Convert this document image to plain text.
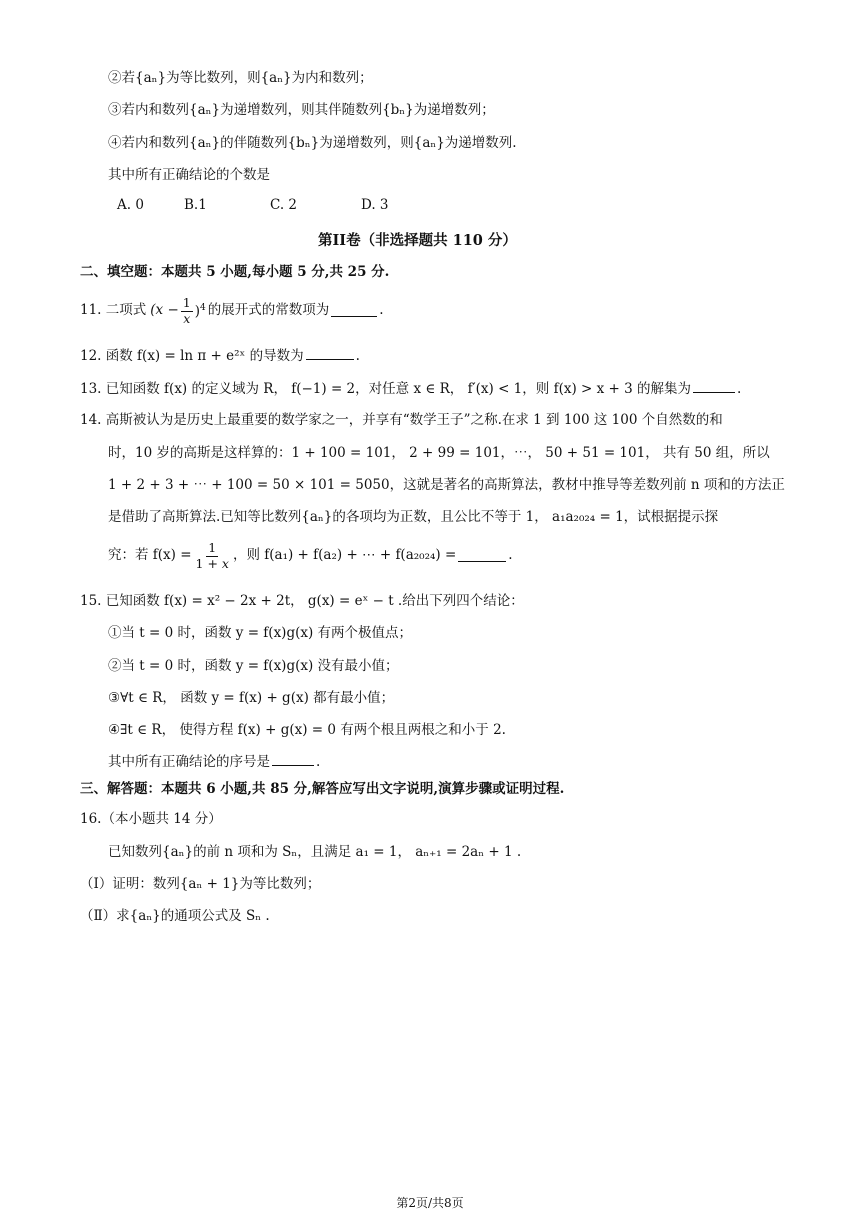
②若{aₙ}为等比数列，则{aₙ}为内和数列；
③若内和数列{aₙ}为递增数列，则其伴随数列{bₙ}为递增数列；
④若内和数列{aₙ}的伴随数列{bₙ}为递增数列，则{aₙ}为递增数列.
其中所有正确结论的个数是
A. 0	B.1	C. 2	D. 3
第II卷（非选择题共 110 分）
二、填空题：本题共 5 小题,每小题 5 分,共 25 分.
11. 二项式 $(x - \frac{1}{x} )^4$ 的展开式的常数项为	.
12. 函数 f(x) = ln π + e²ˣ 的导数为	.
13. 已知函数 f(x) 的定义域为 R， f(−1) = 2，对任意 x ∈ R， f′(x) < 1，则 f(x) > x + 3 的解集为	.
14. 高斯被认为是历史上最重要的数学家之一，并享有“数学王子”之称.在求 1 到 100 这 100 个自然数的和
时，10 岁的高斯是这样算的：1 + 100 = 101， 2 + 99 = 101，⋯， 50 + 51 = 101， 共有 50 组，所以
1 + 2 + 3 + ⋯ + 100 = 50 × 101 = 5050，这就是著名的高斯算法，教材中推导等差数列前 n 项和的方法正
是借助了高斯算法.已知等比数列{aₙ}的各项均为正数，且公比不等于 1， a₁a₂₀₂₄ = 1，试根据提示探
究：若 $f(x) = \frac{1}{1 + x}$ ，则 f(a₁) + f(a₂) + ⋯ + f(a₂₀₂₄) =	.
15. 已知函数 f(x) = x² − 2x + 2t， g(x) = eˣ − t .给出下列四个结论：
①当 t = 0 时，函数 y = f(x)g(x) 有两个极值点；
②当 t = 0 时，函数 y = f(x)g(x) 没有最小值；
③∀t ∈ R， 函数 y = f(x) + g(x) 都有最小值；
④∃t ∈ R， 使得方程 f(x) + g(x) = 0 有两个根且两根之和小于 2.
其中所有正确结论的序号是	.
三、解答题：本题共 6 小题,共 85 分,解答应写出文字说明,演算步骤或证明过程.
16.（本小题共 14 分）
已知数列{aₙ}的前 n 项和为 Sₙ，且满足 a₁ = 1， aₙ₊₁ = 2aₙ + 1 .
（Ⅰ）证明：数列{aₙ + 1}为等比数列；
（Ⅱ）求{aₙ}的通项公式及 Sₙ .
第2页/共8页
